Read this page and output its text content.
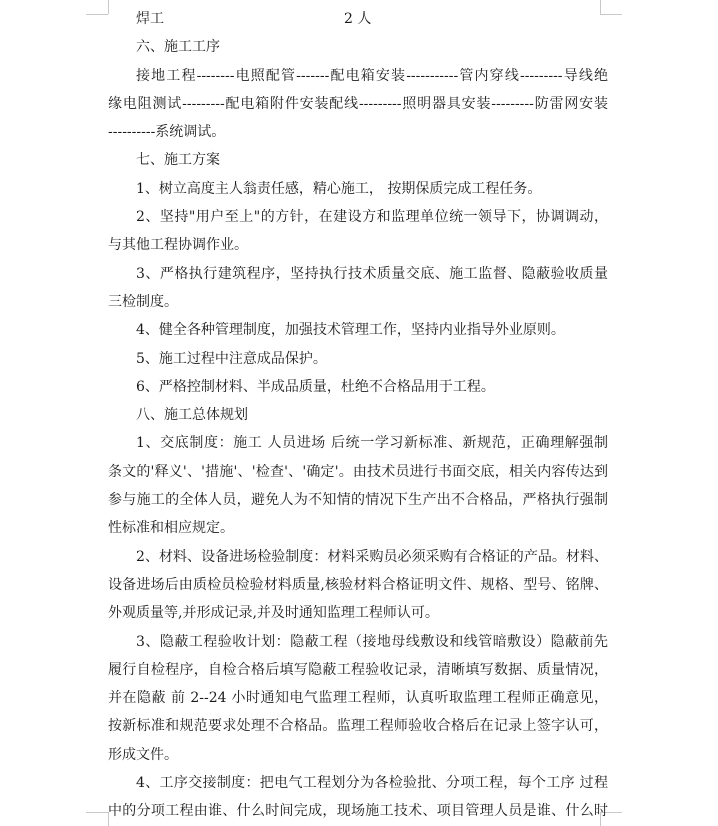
焊工	2 人
六、施工工序
接地工程--------电照配管-------配电箱安装-----------管内穿线---------导线绝
缘电阻测试---------配电箱附件安装配线---------照明器具安装---------防雷网安装
----------系统调试。
七、施工方案
1、树立高度主人翁责任感，精心施工， 按期保质完成工程任务。
2、坚持"用户至上"的方针，在建设方和监理单位统一领导下，协调调动，
与其他工程协调作业。
3、严格执行建筑程序，坚持执行技术质量交底、施工监督、隐蔽验收质量
三检制度。
4、健全各种管理制度，加强技术管理工作，坚持内业指导外业原则。
5、施工过程中注意成品保护。
6、严格控制材料、半成品质量，杜绝不合格品用于工程。
八、施工总体规划
1、交底制度：施工 人员进场 后统一学习新标准、新规范，正确理解强制
条文的'释义'、'措施'、'检查'、'确定'。由技术员进行书面交底，相关内容传达到
参与施工的全体人员，避免人为不知情的情况下生产出不合格品，严格执行强制
性标准和相应规定。
2、材料、设备进场检验制度：材料采购员必须采购有合格证的产品。材料、
设备进场后由质检员检验材料质量,核验材料合格证明文件、规格、型号、铭牌、
外观质量等,并形成记录,并及时通知监理工程师认可。
3、隐蔽工程验收计划：隐蔽工程（接地母线敷设和线管暗敷设）隐蔽前先
履行自检程序，自检合格后填写隐蔽工程验收记录，清晰填写数据、质量情况，
并在隐蔽 前 2--24 小时通知电气监理工程师，认真听取监理工程师正确意见，
按新标准和规范要求处理不合格品。监理工程师验收合格后在记录上签字认可，
形成文件。
4、工序交接制度：把电气工程划分为各检验批、分项工程，每个工序 过程
中的分项工程由谁、什么时间完成，现场施工技术、项目管理人员是谁、什么时
